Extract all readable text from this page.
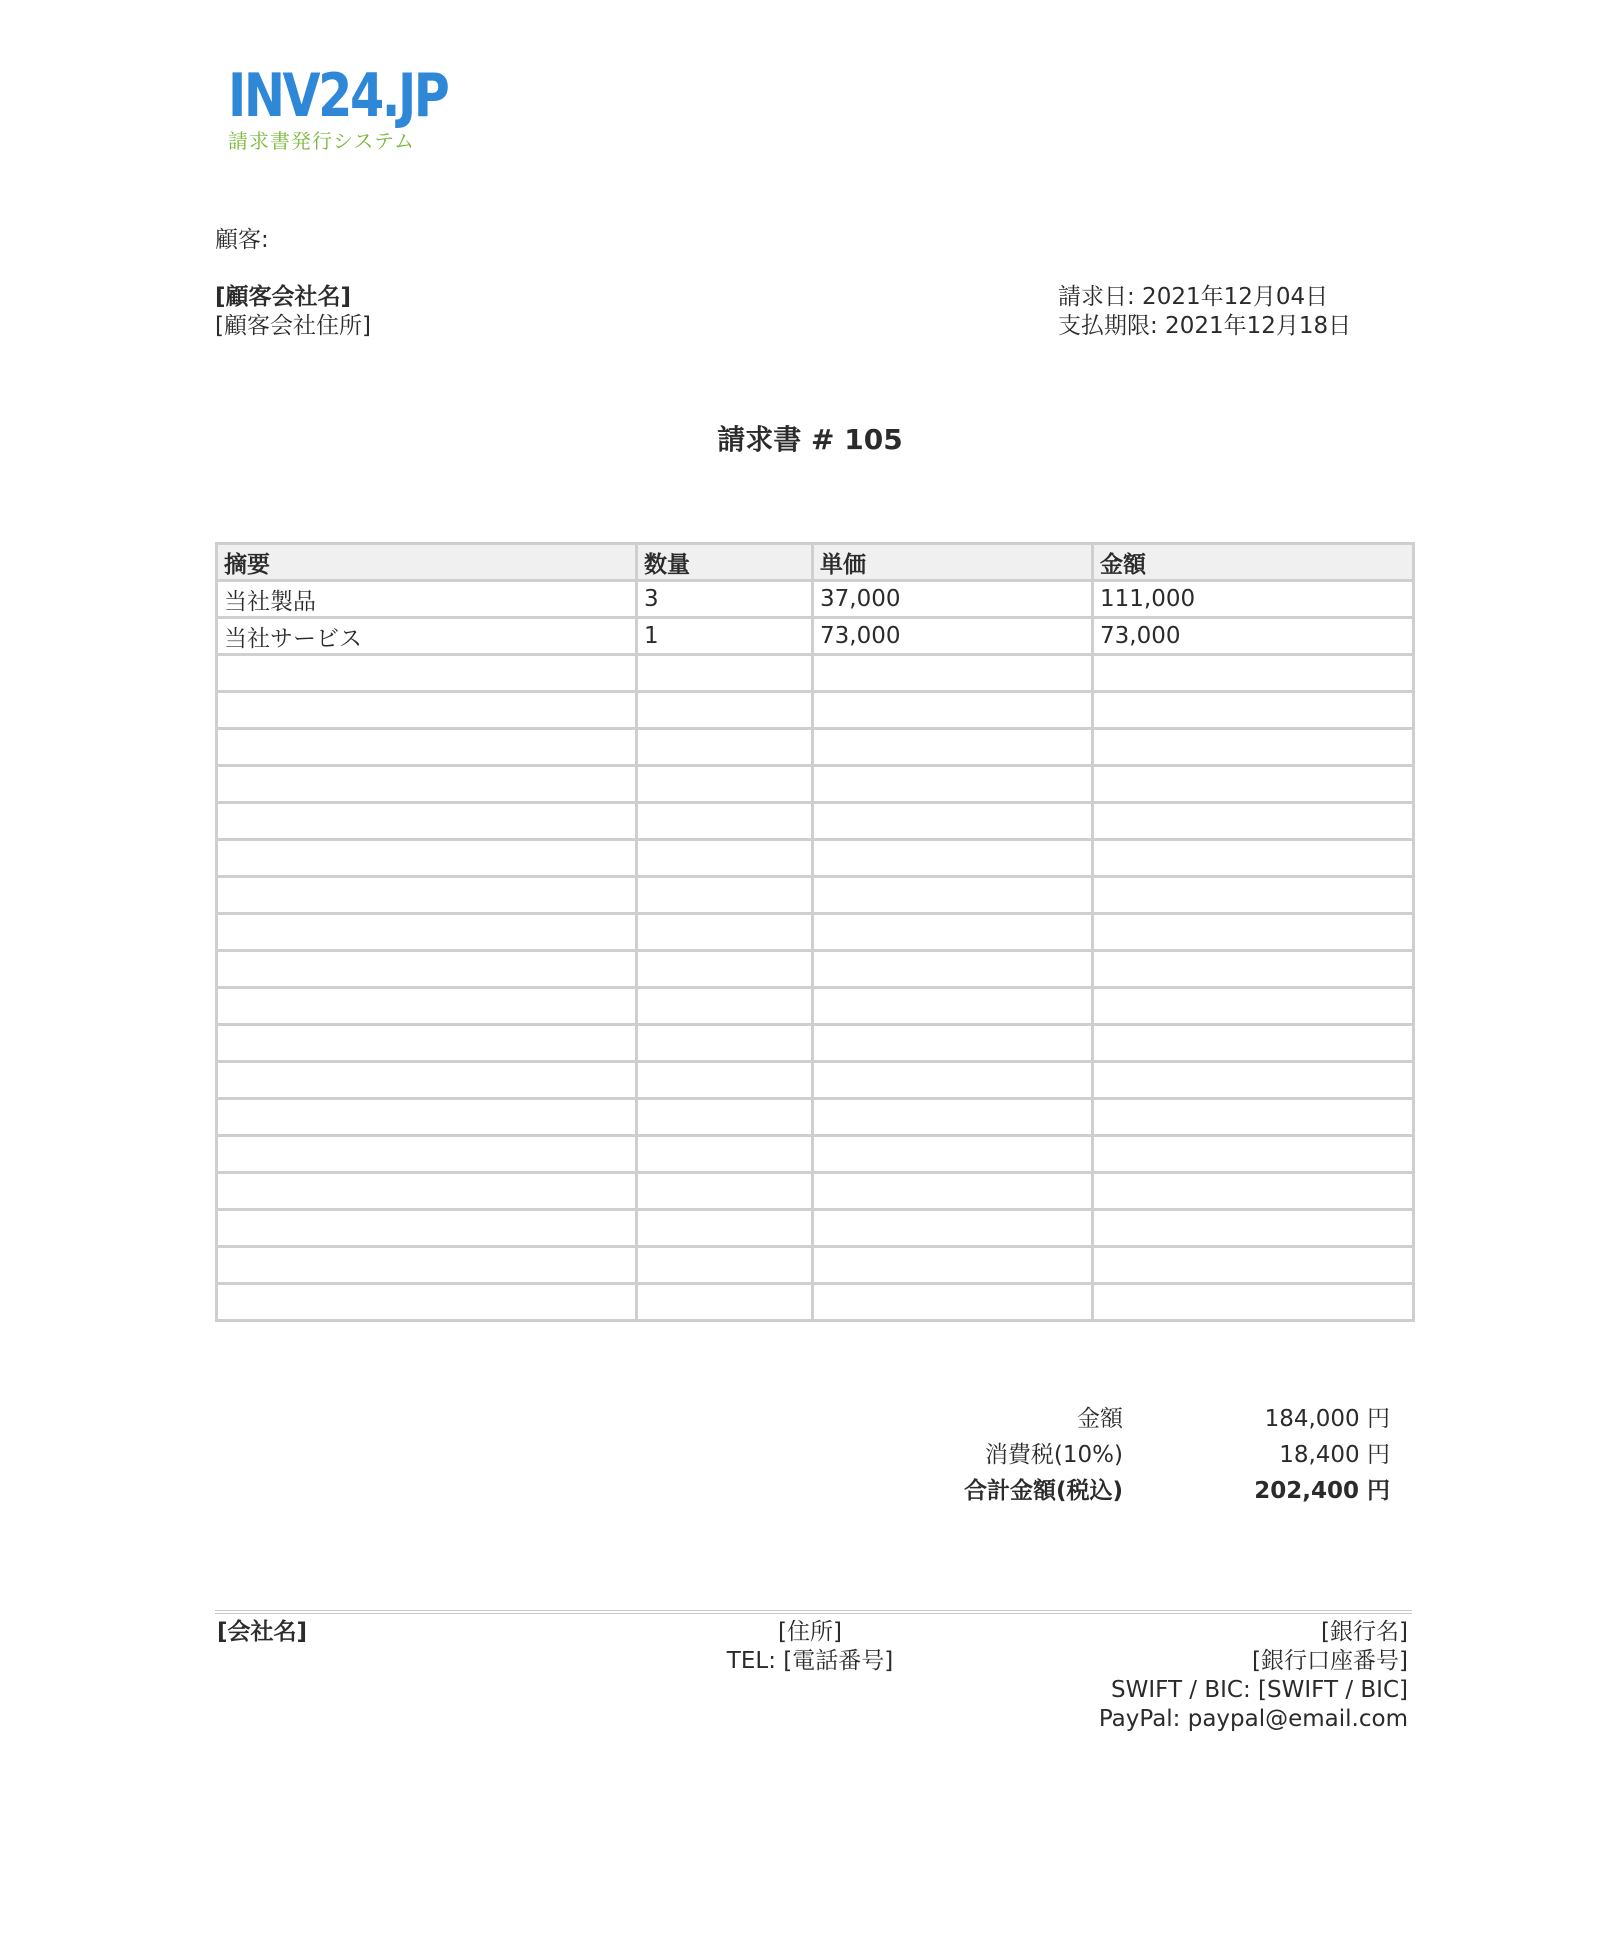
INV24.JP
請求書発行システム
顧客:
[顧客会社名]
[顧客会社住所]
請求日: 2021年12月04日
支払期限: 2021年12月18日
請求書 # 105
摘要	数量	単価	金額
当社製品	3	37,000	111,000
当社サービス	1	73,000	73,000

金額	184,000 円
消費税(10%)	18,400 円
合計金額(税込)	202,400 円
[会社名]	[住所]
TEL: [電話番号]
[銀行名]
[銀行口座番号]
SWIFT / BIC: [SWIFT / BIC]
PayPal: paypal@email.com
